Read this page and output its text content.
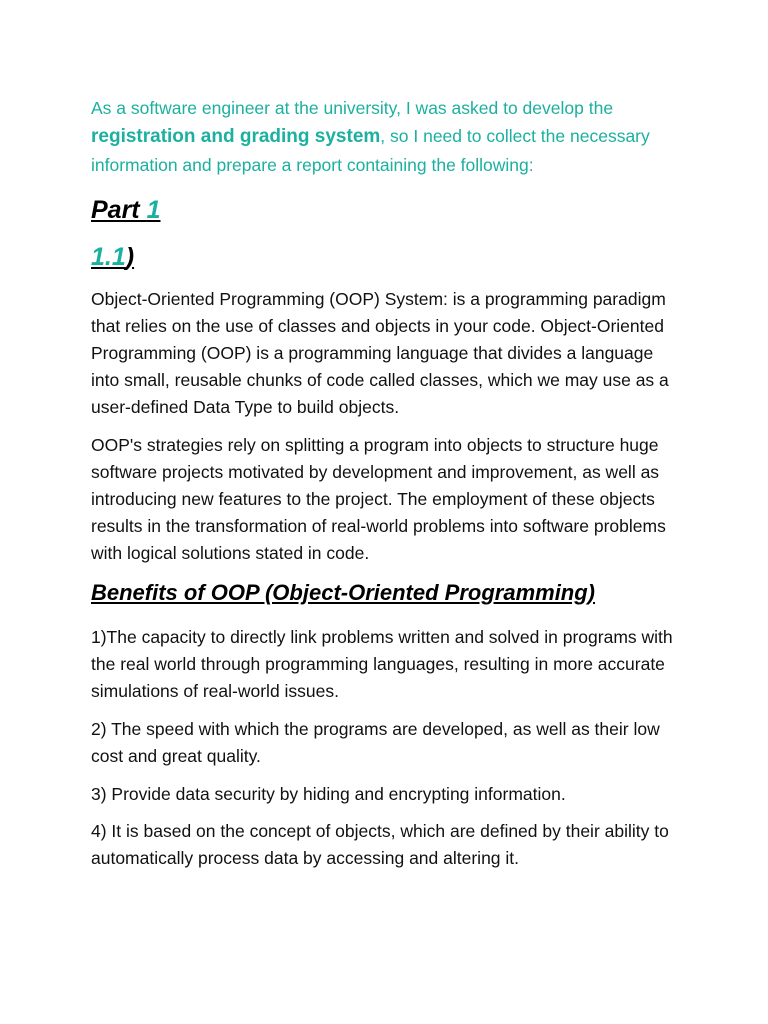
As a software engineer at the university, I was asked to develop the registration and grading system, so I need to collect the necessary information and prepare a report containing the following:
Part 1
1.1)
Object-Oriented Programming (OOP) System: is a programming paradigm that relies on the use of classes and objects in your code. Object-Oriented Programming (OOP) is a programming language that divides a language into small, reusable chunks of code called classes, which we may use as a user-defined Data Type to build objects.
OOP's strategies rely on splitting a program into objects to structure huge software projects motivated by development and improvement, as well as introducing new features to the project. The employment of these objects results in the transformation of real-world problems into software problems with logical solutions stated in code.
Benefits of OOP (Object-Oriented Programming)
1)The capacity to directly link problems written and solved in programs with the real world through programming languages, resulting in more accurate simulations of real-world issues.
2) The speed with which the programs are developed, as well as their low cost and great quality.
3) Provide data security by hiding and encrypting information.
4) It is based on the concept of objects, which are defined by their ability to automatically process data by accessing and altering it.
